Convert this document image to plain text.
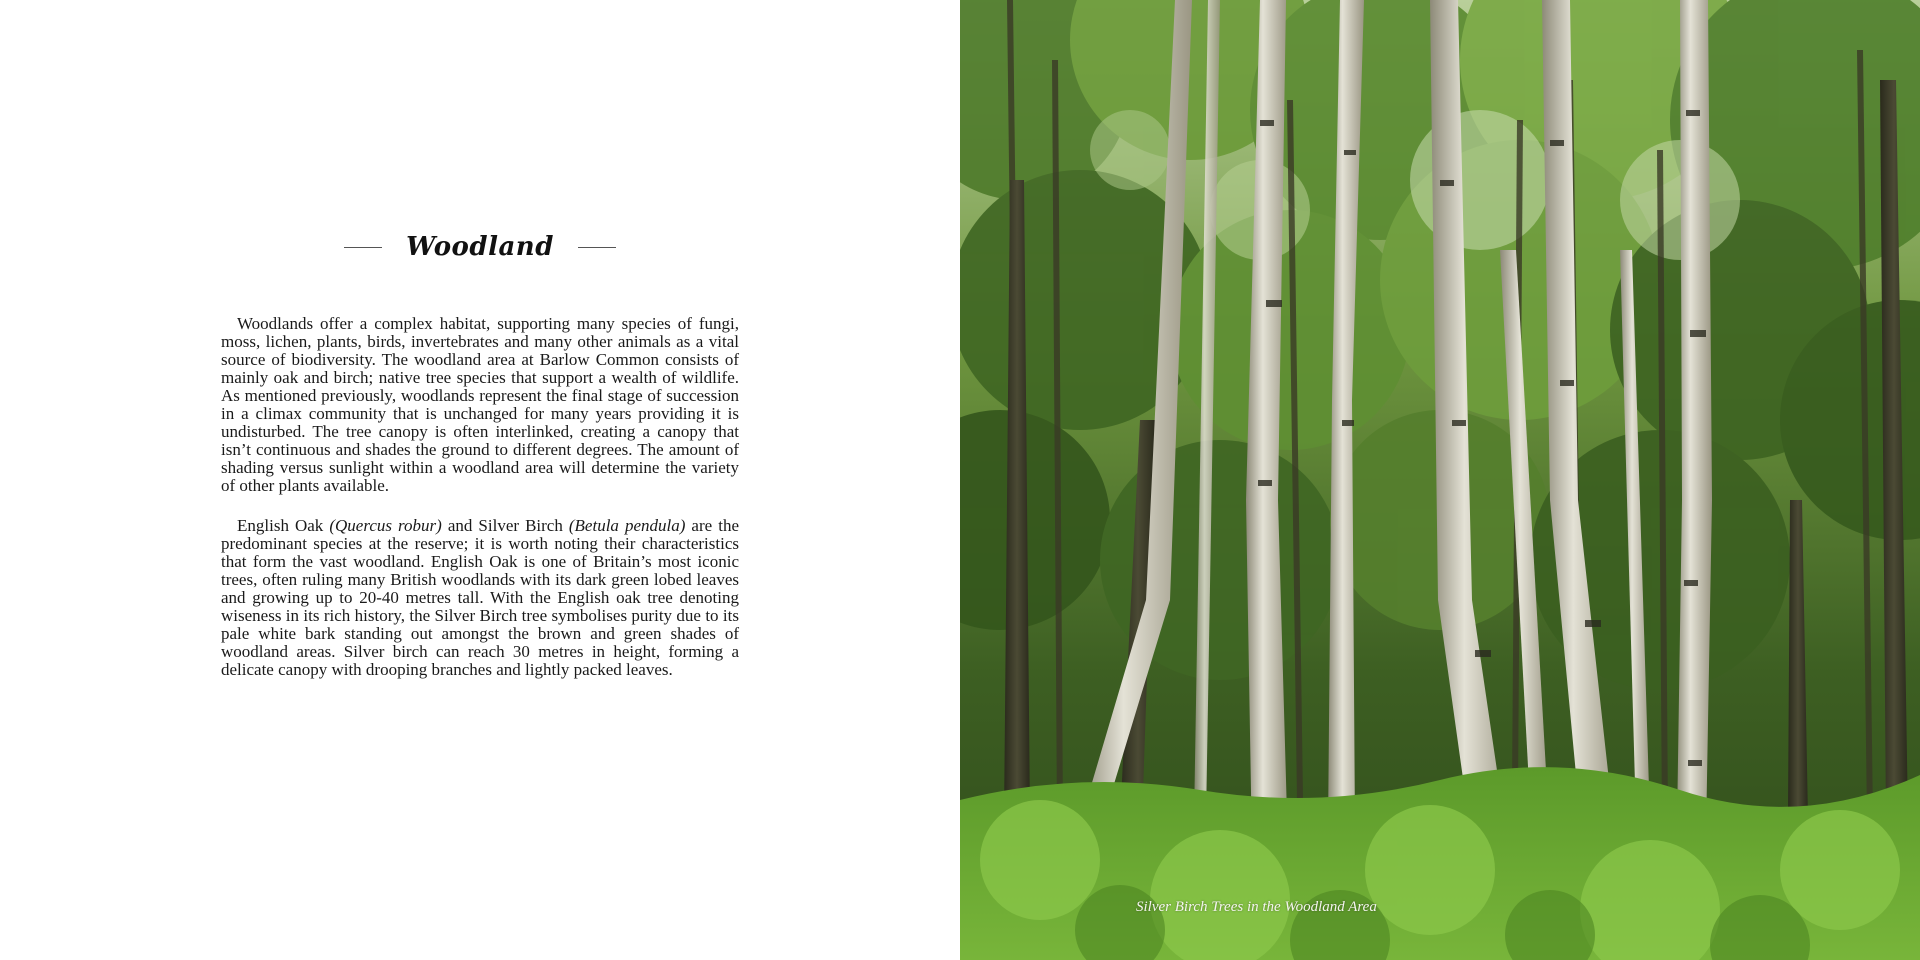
Woodland

Woodlands offer a complex habitat, supporting many species of fungi, moss, lichen, plants, birds, invertebrates and many other animals as a vital source of biodiversity. The woodland area at Barlow Common consists of mainly oak and birch; native tree species that support a wealth of wildlife. As mentioned previously, woodlands represent the final stage of succession in a climax community that is unchanged for many years providing it is undisturbed. The tree canopy is often interlinked, creating a canopy that isn’t continuous and shades the ground to different degrees. The amount of shading versus sunlight within a woodland area will determine the variety of other plants available.

English Oak (Quercus robur) and Silver Birch (Betula pendula) are the predominant species at the reserve; it is worth noting their characteristics that form the vast woodland. English Oak is one of Britain’s most iconic trees, often ruling many British woodlands with its dark green lobed leaves and growing up to 20-40 metres tall. With the English oak tree denoting wiseness in its rich history, the Silver Birch tree symbolises purity due to its pale white bark standing out amongst the brown and green shades of woodland areas. Silver birch can reach 30 metres in height, forming a delicate canopy with drooping branches and lightly packed leaves.

Silver Birch Trees in the Woodland Area
